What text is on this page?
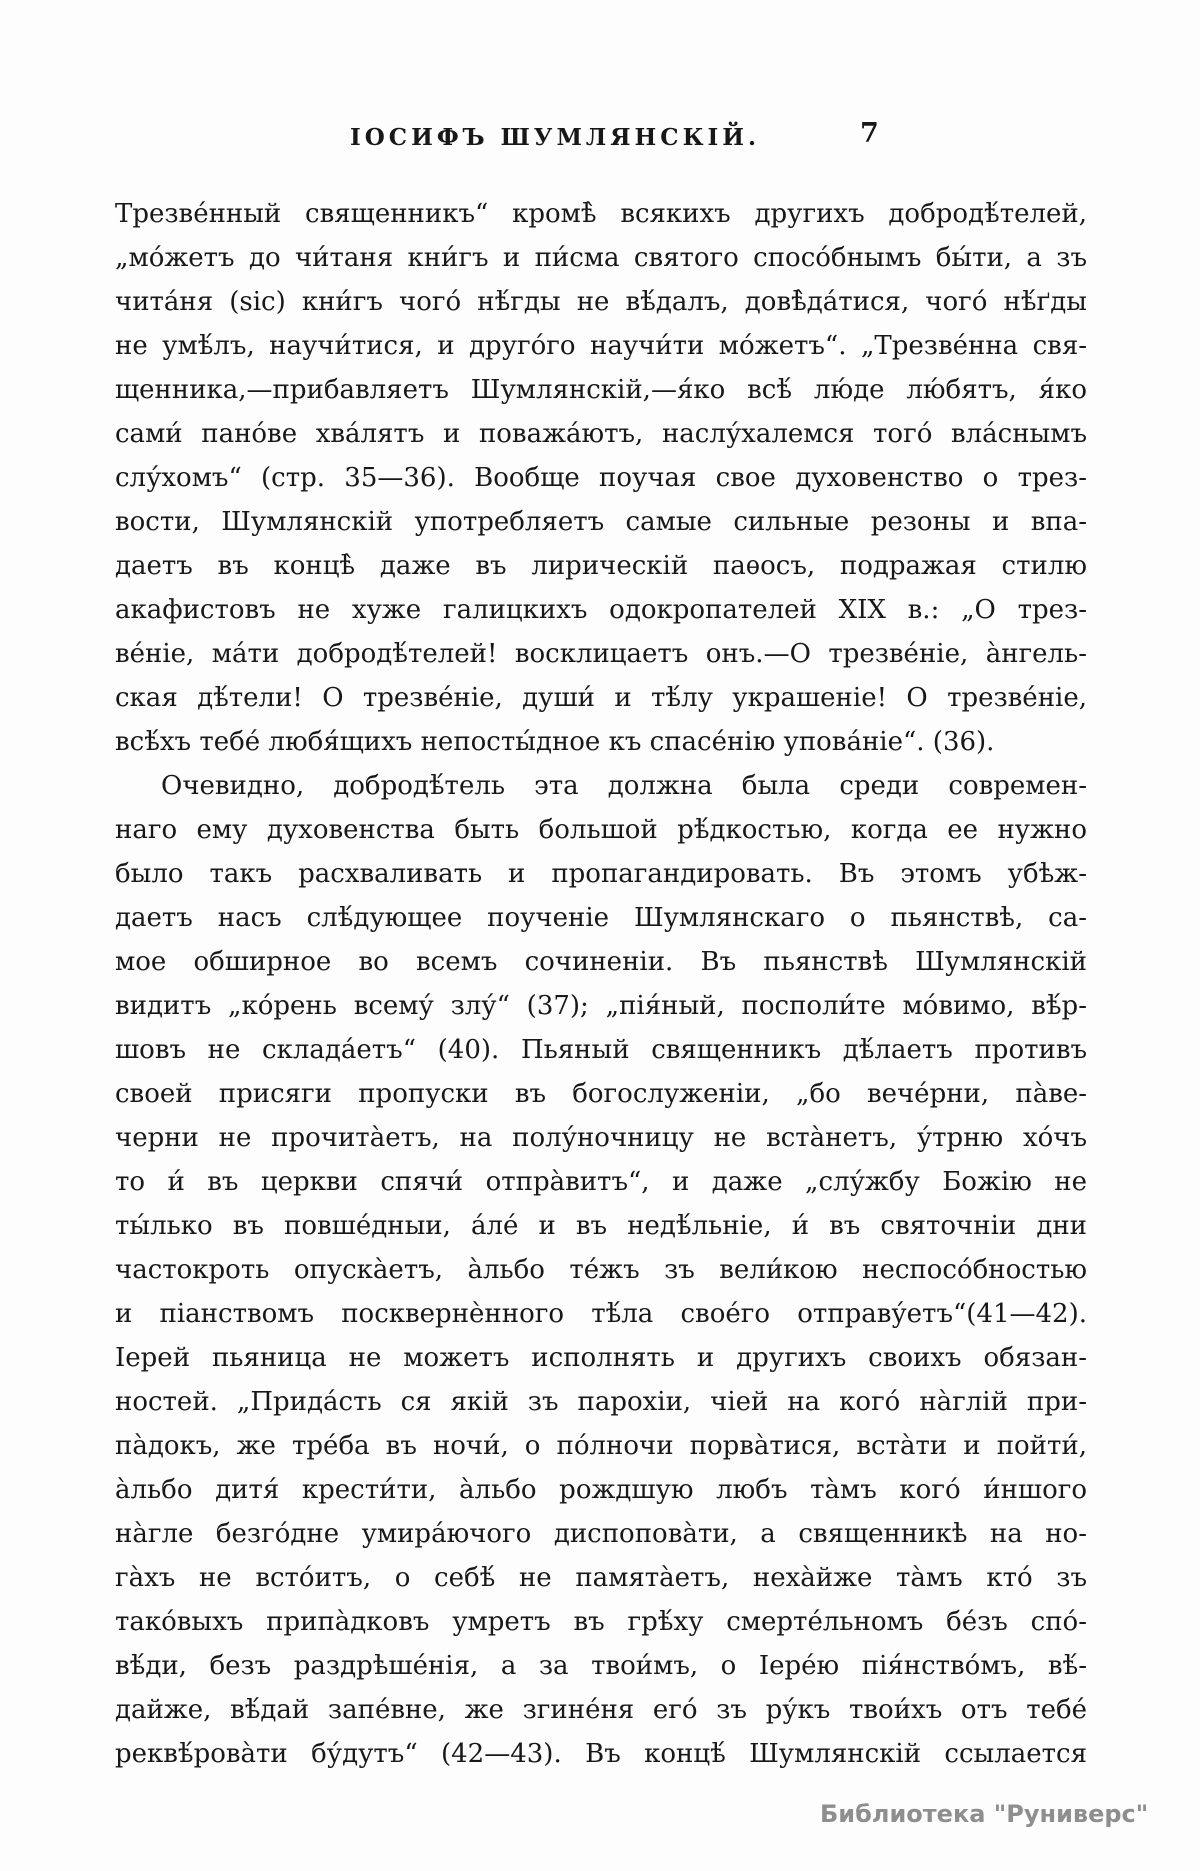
ІОСИФЪ ШУМЛЯНСКІЙ.	7
Трезве́нный священникъ“ кромѣ̀ всякихъ другихъ добродѣ́телей,
„мо́жетъ до чи́таня кни́гъ и пи́сма святого спосо́бнымъ бы́ти, а зъ
чита́ня (sic) кни́гъ чого́ нѣ́гды не вѣ́далъ, довѣ̀да́тися, чого́ нѣ́ґды
не умѣ́лъ, научи́тися, и друго́го научи́ти мо́жетъ“. „Трезве́нна свя-
щенника,—прибавляетъ Шумлянскій,—я́ко всѣ́ лю́де лю́бятъ, я́ко
сами́ пано́ве хва́лятъ и поважа́ютъ, наслу́халемся того́ вла́снымъ
слу́хомъ“ (стр. 35—36). Вообще поучая свое духовенство о трез-
вости, Шумлянскій употребляетъ самые сильные резоны и впа-
даетъ въ концѣ̀ даже въ лирическій паѳосъ, подражая стилю
акафистовъ не хуже галицкихъ одокропателей XIX в.: „О трез-
ве́ніе, ма́ти добродѣ́телей! восклицаетъ онъ.—О трезве́ніе, а̀нгель-
ская дѣ́тели! О трезве́ніе, души́ и тѣ́лу украшеніе! О трезве́ніе,
всѣ́хъ тебе́ любя́щихъ непосты́дное къ спасе́нію упова́ніе“. (36).
Очевидно, добродѣ́тель эта должна была среди современ-
наго ему духовенства быть большой рѣ́дкостью, когда ее нужно
было такъ расхваливать и пропагандировать. Въ этомъ убѣж-
даетъ насъ слѣ́дующее поученіе Шумлянскаго о пьянствѣ, са-
мое обширное во всемъ сочиненіи. Въ пьянствѣ Шумлянскій
видитъ „ко́рень всему́ злу́“ (37); „пія́ный, посполи́те мо́вимо, вѣ́р-
шовъ не склада́етъ“ (40). Пьяный священникъ дѣ́лаетъ противъ
своей присяги пропуски въ богослуженіи, „бо вече́рни, па̀ве-
черни не прочита̀етъ, на полу́ночницу не вста̀нетъ, у́трню хо́чъ
то и́ въ церкви спячи́ отпра̀витъ“, и даже „слу́жбу Божію не
ты́лько въ повше́дныи, а́ле́ и въ недѣ́льніе, и́ въ святочніи дни
частокроть опуска̀етъ, а̀льбо те́жъ зъ вели́кою неспосо́бностью
и піанствомъ посквернѐнного тѣ́ла свое́го отправу́етъ“(41—42).
Іерей пьяница не можетъ исполнять и другихъ своихъ обязан-
ностей. „Прида́сть ся якій зъ парохіи, чіей на кого́ на̀глій при-
па̀докъ, же тре́ба въ ночи́, о по́лночи порва̀тися, вста̀ти и пойти́,
а̀льбо дитя́ крести́ти, а̀льбо рождшую любъ та̀мъ кого́ и́ншого
на̀гле безго́дне умира́ючого диспопова̀ти, а священникѣ на но-
га̀хъ не всто́итъ, о себѣ́ не памята̀етъ, неха̀йже та̀мъ кто́ зъ
тако́выхъ припа̀дковъ умретъ въ грѣ́ху смерте́льномъ бе́зъ спо́-
вѣ́ди, безъ раздрѣше́нія, а за твои́мъ, о Іере́ю пія́нство́мъ, вѣ́-
дайже, вѣ́дай запе́вне, же згине́ня его́ зъ ру́къ твои́хъ отъ тебе́
реквѣ́рова̀ти бу́дутъ“ (42—43). Въ концѣ́ Шумлянскій ссылается
Библиотека "Руниверс"
